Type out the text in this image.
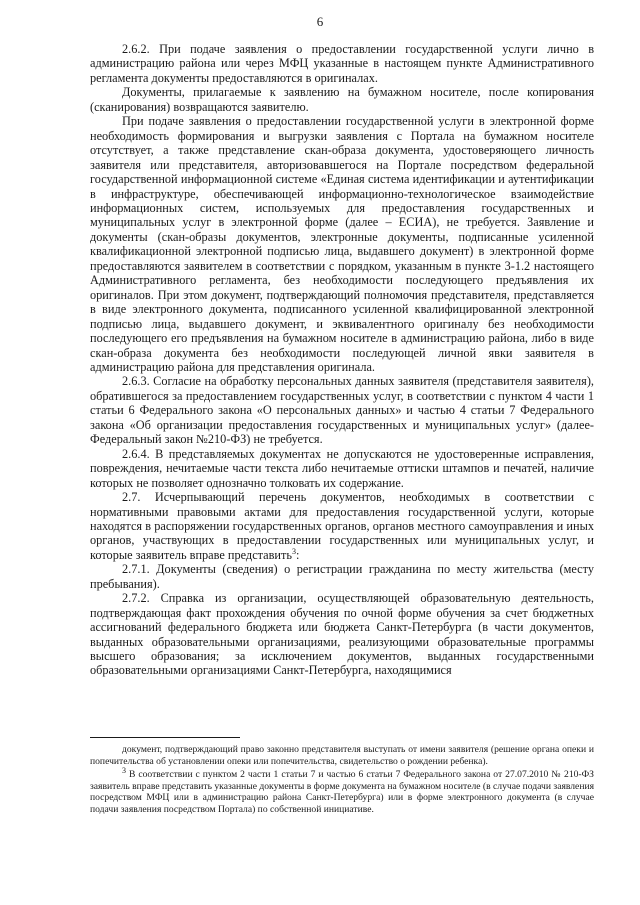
6

2.6.2. При подаче заявления о предоставлении государственной услуги лично в администрацию района или через МФЦ указанные в настоящем пункте Административного регламента документы предоставляются в оригиналах.

Документы, прилагаемые к заявлению на бумажном носителе, после копирования (сканирования) возвращаются заявителю.

При подаче заявления о предоставлении государственной услуги в электронной форме необходимость формирования и выгрузки заявления с Портала на бумажном носителе отсутствует, а также представление скан-образа документа, удостоверяющего личность заявителя или представителя, авторизовавшегося на Портале посредством федеральной государственной информационной системе «Единая система идентификации и аутентификации в инфраструктуре, обеспечивающей информационно-технологическое взаимодействие информационных систем, используемых для предоставления государственных и муниципальных услуг в электронной форме (далее – ЕСИА), не требуется. Заявление и документы (скан-образы документов, электронные документы, подписанные усиленной квалификационной электронной подписью лица, выдавшего документ) в электронной форме предоставляются заявителем в соответствии с порядком, указанным в пункте 3-1.2 настоящего Административного регламента, без необходимости последующего предъявления их оригиналов. При этом документ, подтверждающий полномочия представителя, представляется в виде электронного документа, подписанного усиленной квалифицированной электронной подписью лица, выдавшего документ, и эквивалентного оригиналу без необходимости последующего его предъявления на бумажном носителе в администрацию района, либо в виде скан-образа документа без необходимости последующей личной явки заявителя в администрацию района для представления оригинала.

2.6.3. Согласие на обработку персональных данных заявителя (представителя заявителя), обратившегося за предоставлением государственных услуг, в соответствии с пунктом 4 части 1 статьи 6 Федерального закона «О персональных данных» и частью 4 статьи 7 Федерального закона «Об организации предоставления государственных и муниципальных услуг» (далее- Федеральный закон №210-ФЗ) не требуется.

2.6.4. В представляемых документах не допускаются не удостоверенные исправления, повреждения, нечитаемые части текста либо нечитаемые оттиски штампов и печатей, наличие которых не позволяет однозначно толковать их содержание.

2.7. Исчерпывающий перечень документов, необходимых в соответствии с нормативными правовыми актами для предоставления государственной услуги, которые находятся в распоряжении государственных органов, органов местного самоуправления и иных органов, участвующих в предоставлении государственных или муниципальных услуг, и которые заявитель вправе представить$^3$:

2.7.1. Документы (сведения) о регистрации гражданина по месту жительства (месту пребывания).

2.7.2. Справка из организации, осуществляющей образовательную деятельность, подтверждающая факт прохождения обучения по очной форме обучения за счет бюджетных ассигнований федерального бюджета или бюджета Санкт-Петербурга (в части документов, выданных образовательными организациями, реализующими образовательные программы высшего образования; за исключением документов, выданных государственными образовательными организациями Санкт-Петербурга, находящимися

документ, подтверждающий право законно представителя выступать от имени заявителя (решение органа опеки и попечительства об установлении опеки или попечительства, свидетельство о рождении ребенка).

$^3$ В соответствии с пунктом 2 части 1 статьи 7 и частью 6 статьи 7 Федерального закона от 27.07.2010 № 210-ФЗ заявитель вправе представить указанные документы в форме документа на бумажном носителе (в случае подачи заявления посредством МФЦ или в администрацию района Санкт-Петербурга) или в форме электронного документа (в случае подачи заявления посредством Портала) по собственной инициативе.
